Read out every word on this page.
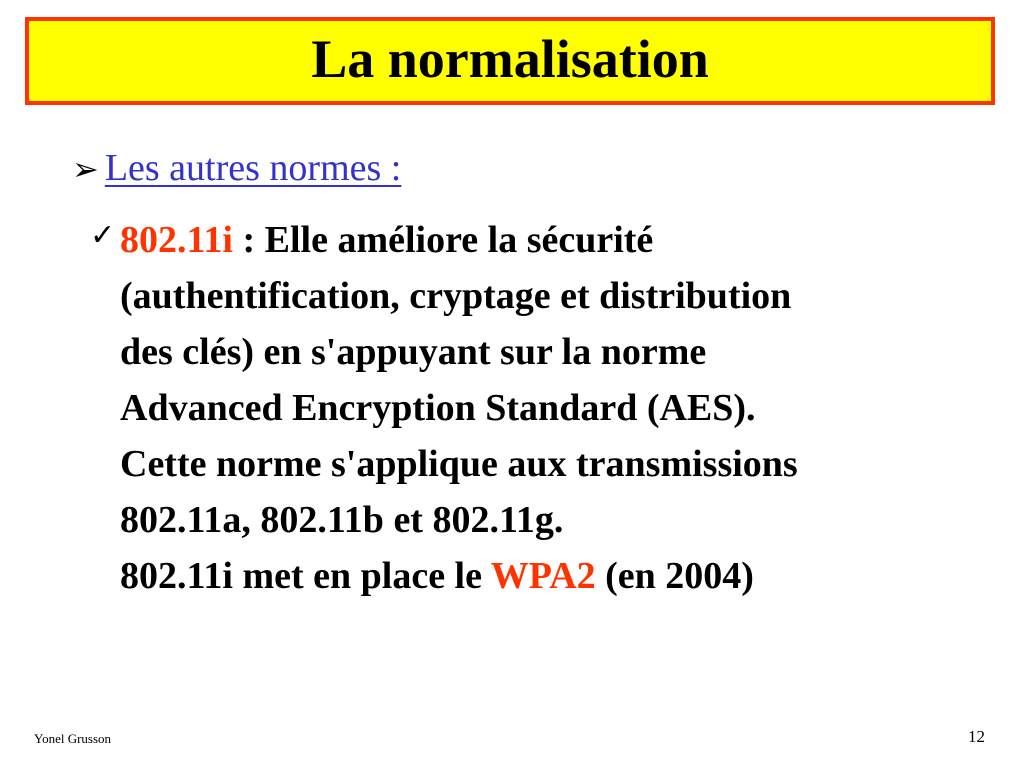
La normalisation
➢ Les autres normes :
✓ 802.11i : Elle améliore la sécurité
(authentification, cryptage et distribution
des clés) en s'appuyant sur la norme
Advanced Encryption Standard (AES).
Cette norme s'applique aux transmissions
802.11a, 802.11b et 802.11g.
802.11i met en place le WPA2 (en 2004)
Yonel Grusson	12
